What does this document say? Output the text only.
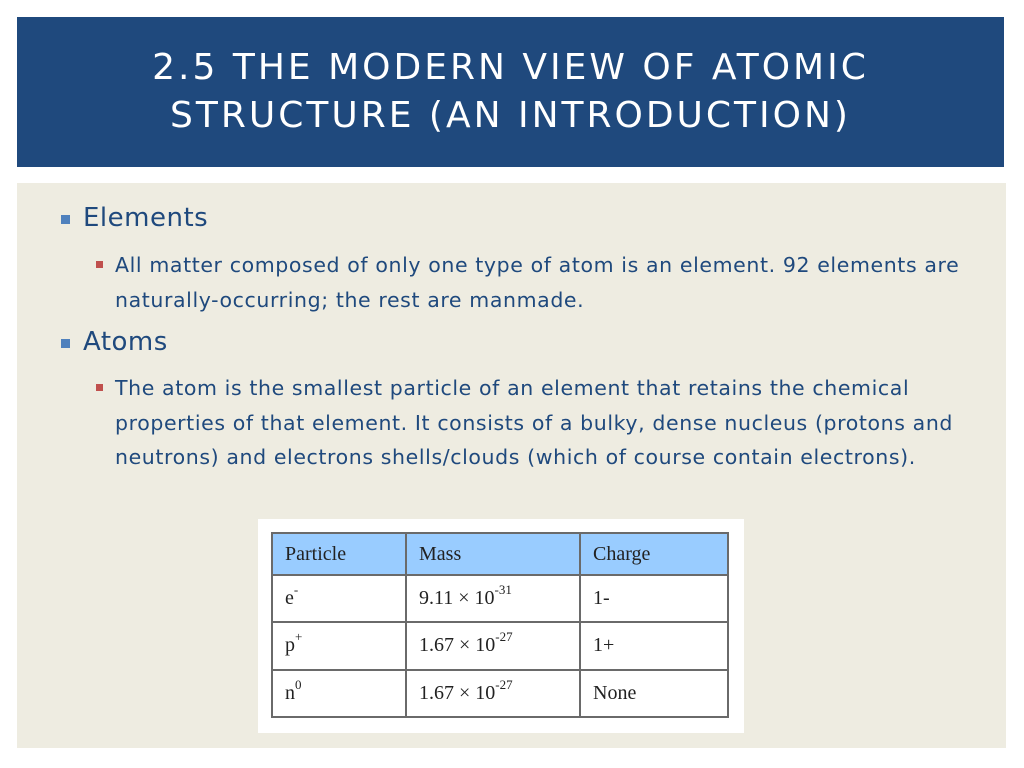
2.5 THE MODERN VIEW OF ATOMIC STRUCTURE (AN INTRODUCTION)
Elements
All matter composed of only one type of atom is an element. 92 elements are naturally-occurring; the rest are manmade.
Atoms
The atom is the smallest particle of an element that retains the chemical properties of that element. It consists of a bulky, dense nucleus (protons and neutrons) and electrons shells/clouds (which of course contain electrons).
Particle	Mass	Charge
e-	$9.11 \times 10^{-31}$	1-
p+	$1.67 \times 10^{-27}$	1+
$n^0$	$1.67 \times 10^{-27}$	None
